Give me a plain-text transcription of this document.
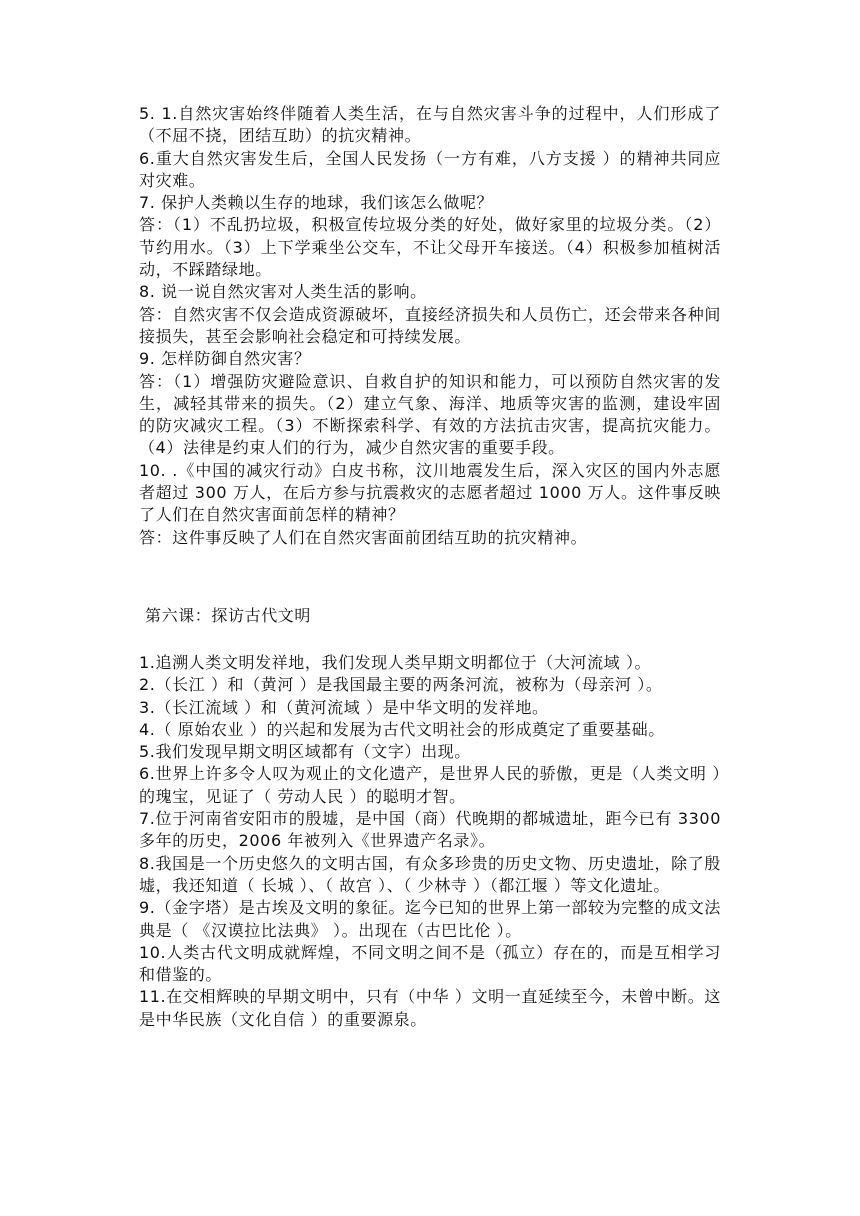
5. 1.自然灾害始终伴随着人类生活，在与自然灾害斗争的过程中，人们形成了（不屈不挠，团结互助）的抗灾精神。

6.重大自然灾害发生后，全国人民发扬（一方有难，八方支援 ）的精神共同应对灾难。

7. 保护人类赖以生存的地球，我们该怎么做呢？

答：（1）不乱扔垃圾，积极宣传垃圾分类的好处，做好家里的垃圾分类。（2）节约用水。（3）上下学乘坐公交车，不让父母开车接送。（4）积极参加植树活动，不踩踏绿地。

8. 说一说自然灾害对人类生活的影响。

答：自然灾害不仅会造成资源破坏，直接经济损失和人员伤亡，还会带来各种间接损失，甚至会影响社会稳定和可持续发展。

9. 怎样防御自然灾害？

答：（1）增强防灾避险意识、自救自护的知识和能力，可以预防自然灾害的发生，减轻其带来的损失。（2）建立气象、海洋、地质等灾害的监测，建设牢固的防灾减灾工程。（3）不断探索科学、有效的方法抗击灾害，提高抗灾能力。（4）法律是约束人们的行为，减少自然灾害的重要手段。

10. .《中国的减灾行动》白皮书称，汶川地震发生后，深入灾区的国内外志愿者超过 300 万人，在后方参与抗震救灾的志愿者超过 1000 万人。这件事反映了人们在自然灾害面前怎样的精神？

答：这件事反映了人们在自然灾害面前团结互助的抗灾精神。

第六课：探访古代文明

1.追溯人类文明发祥地，我们发现人类早期文明都位于（大河流域 ）。

2.（长江 ）和（黄河 ）是我国最主要的两条河流，被称为（母亲河 ）。

3.（长江流域 ）和（黄河流域 ）是中华文明的发祥地。

4.（ 原始农业 ）的兴起和发展为古代文明社会的形成奠定了重要基础。

5.我们发现早期文明区域都有（文字）出现。

6.世界上许多令人叹为观止的文化遗产，是世界人民的骄傲，更是（人类文明 ）的瑰宝，见证了（ 劳动人民 ）的聪明才智。

7.位于河南省安阳市的殷墟，是中国（商）代晚期的都城遗址，距今已有 3300 多年的历史，2006 年被列入《世界遗产名录》。

8.我国是一个历史悠久的文明古国，有众多珍贵的历史文物、历史遗址，除了殷墟，我还知道（ 长城 ）、（ 故宫 ）、（ 少林寺 ）（都江堰 ）等文化遗址。

9.（金字塔）是古埃及文明的象征。迄今已知的世界上第一部较为完整的成文法典是（ 《汉谟拉比法典》 ）。出现在（古巴比伦 ）。

10.人类古代文明成就辉煌，不同文明之间不是（孤立）存在的，而是互相学习和借鉴的。

11.在交相辉映的早期文明中，只有（中华 ）文明一直延续至今，未曾中断。这是中华民族（文化自信 ）的重要源泉。
